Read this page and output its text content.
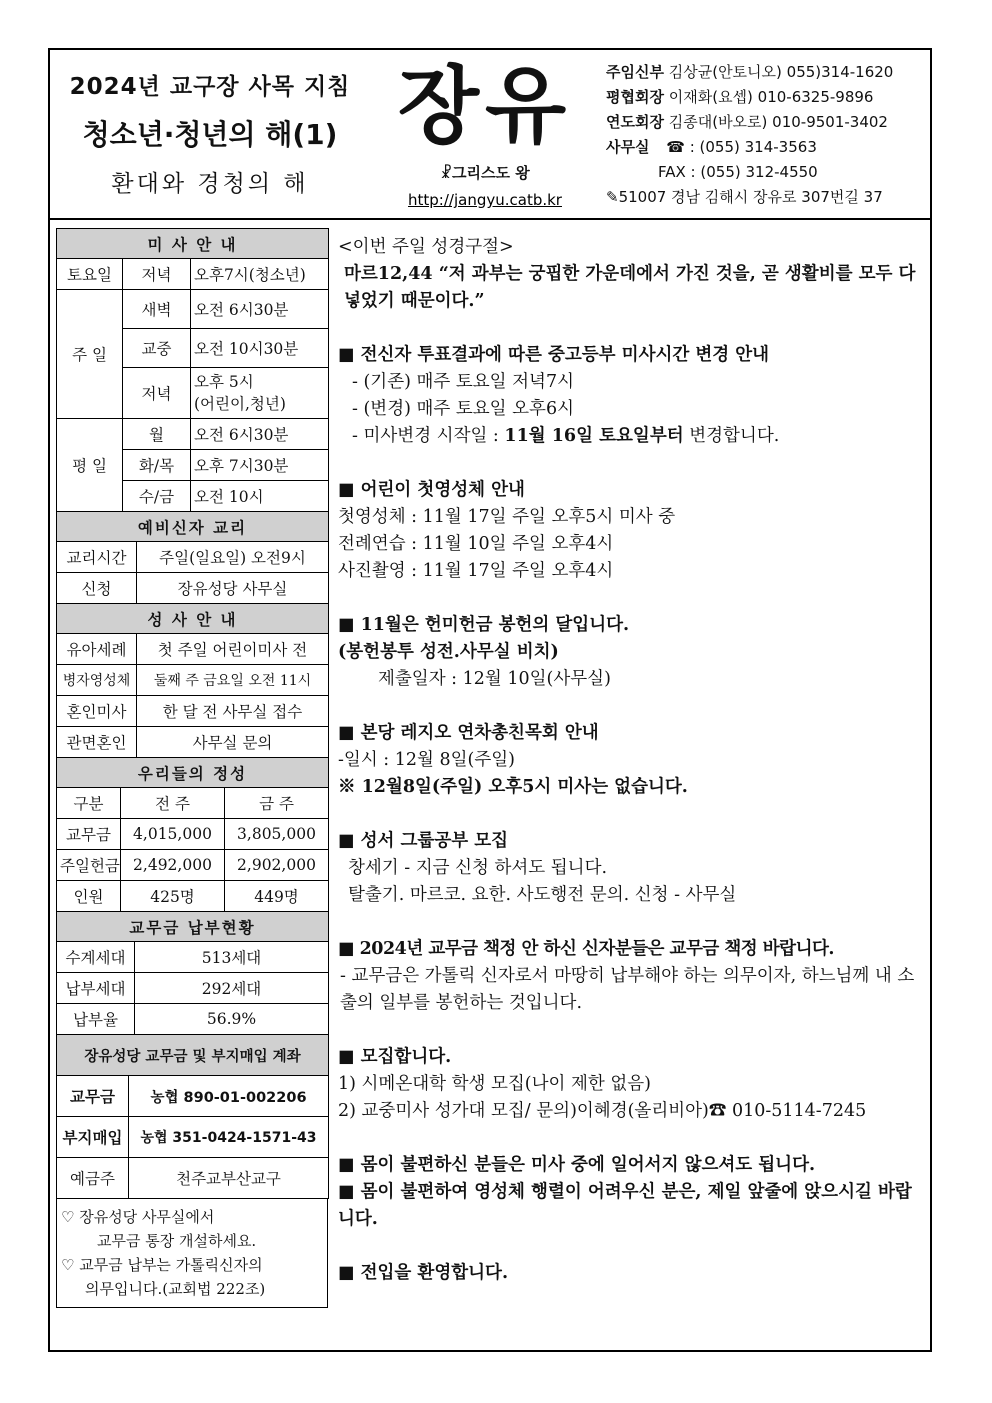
2024년 교구장 사목 지침
청소년·청년의 해(1)
환대와 경청의 해
장유
☧그리스도 왕
http://jangyu.catb.kr
주임신부 김상균(안토니오) 055)314-1620
평협회장 이재화(요셉) 010-6325-9896
연도회장 김종대(바오로) 010-9501-3402
사무실 ☎ : (055) 314-3563
FAX : (055) 312-4550
✎51007 경남 김해시 장유로 307번길 37
미 사 안 내		
토요일	저녁	오후7시(청소년)
주 일	새벽	오전 6시30분
	교중	오전 10시30분
	저녁	오후 5시
(어린이,청년)
평 일	월	오전 6시30분
	화/목	오후 7시30분
	수/금	오전 10시
예비신자 교리	
교리시간	주일(일요일) 오전9시
신청	장유성당 사무실
성 사 안 내	
유아세례	첫 주일 어린이미사 전
병자영성체	둘째 주 금요일 오전 11시
혼인미사	한 달 전 사무실 접수
관면혼인	사무실 문의
우리들의 정성		
구분	전 주	금 주
교무금	4,015,000	3,805,000
주일헌금	2,492,000	2,902,000
인원	425명	449명
교무금 납부현황	
수계세대	513세대
납부세대	292세대
납부율	56.9%
장유성당 교무금 및 부지매입 계좌	
교무금	농협 890-01-002206
부지매입	농협 351-0424-1571-43
예금주	천주교부산교구
♡ 장유성당 사무실에서
교무금 통장 개설하세요.
♡ 교무금 납부는 가톨릭신자의
의무입니다.(교회법 222조)
<이번 주일 성경구절>
마르12,44 “저 과부는 궁핍한 가운데에서 가진 것을, 곧 생활비를 모두 다 넣었기 때문이다.”
■ 전신자 투표결과에 따른 중고등부 미사시간 변경 안내
- (기존) 매주 토요일 저녁7시
- (변경) 매주 토요일 오후6시
- 미사변경 시작일 : 11월 16일 토요일부터 변경합니다.
■ 어린이 첫영성체 안내
첫영성체 : 11월 17일 주일 오후5시 미사 중
전례연습 : 11월 10일 주일 오후4시
사진촬영 : 11월 17일 주일 오후4시
■ 11월은 헌미헌금 봉헌의 달입니다.
(봉헌봉투 성전.사무실 비치)
제출일자 : 12월 10일(사무실)
■ 본당 레지오 연차총친목회 안내
-일시 : 12월 8일(주일)
※ 12월8일(주일) 오후5시 미사는 없습니다.
■ 성서 그룹공부 모집
창세기 - 지금 신청 하셔도 됩니다.
탈출기. 마르코. 요한. 사도행전 문의. 신청 - 사무실
■ 2024년 교무금 책정 안 하신 신자분들은 교무금 책정 바랍니다.
- 교무금은 가톨릭 신자로서 마땅히 납부해야 하는 의무이자, 하느님께 내 소출의 일부를 봉헌하는 것입니다.
■ 모집합니다.
1) 시메온대학 학생 모집(나이 제한 없음)
2) 교중미사 성가대 모집/ 문의)이혜경(올리비아)☎ 010-5114-7245
■ 몸이 불편하신 분들은 미사 중에 일어서지 않으셔도 됩니다.
■ 몸이 불편하여 영성체 행렬이 어려우신 분은, 제일 앞줄에 앉으시길 바랍니다.
■ 전입을 환영합니다.
